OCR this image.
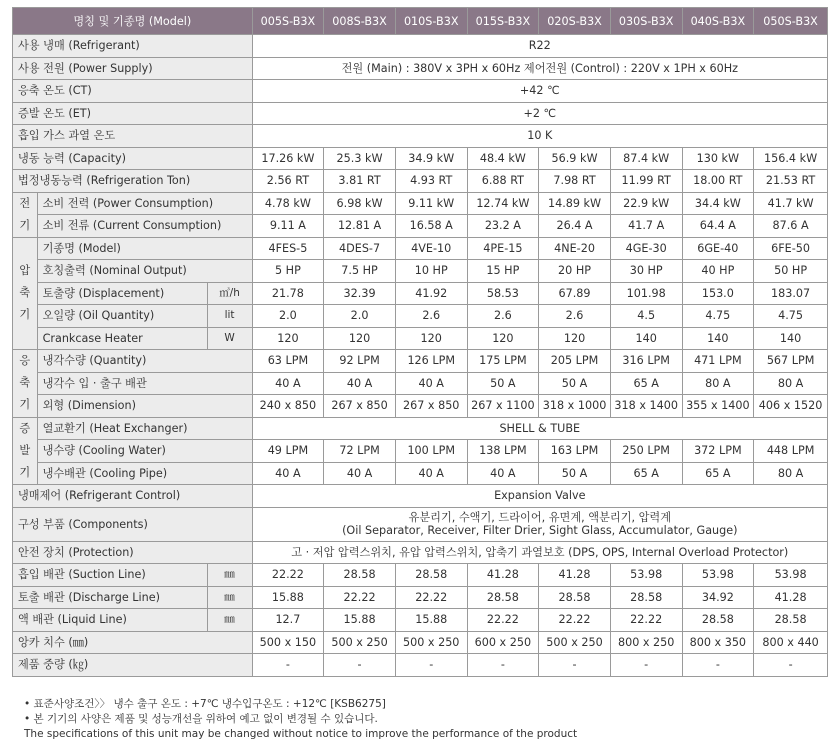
명칭 및 기종명 (Model)			005S-B3X	008S-B3X	010S-B3X	015S-B3X	020S-B3X	030S-B3X	040S-B3X	050S-B3X
사용 냉매 (Refrigerant)			R22							
사용 전원 (Power Supply)			전원 (Main) : 380V x 3PH x 60Hz 제어전원 (Control) : 220V x 1PH x 60Hz							
응축 온도 (CT)			+42 ℃							
증발 온도 (ET)			+2 ℃							
흡입 가스 과열 온도			10 K							
냉동 능력 (Capacity)			17.26 kW	25.3 kW	34.9 kW	48.4 kW	56.9 kW	87.4 kW	130 kW	156.4 kW
법정냉동능력 (Refrigeration Ton)			2.56 RT	3.81 RT	4.93 RT	6.88 RT	7.98 RT	11.99 RT	18.00 RT	21.53 RT
전 기	소비 전력 (Power Consumption)		4.78 kW	6.98 kW	9.11 kW	12.74 kW	14.89 kW	22.9 kW	34.4 kW	41.7 kW
	소비 전류 (Current Consumption)		9.11 A	12.81 A	16.58 A	23.2 A	26.4 A	41.7 A	64.4 A	87.6 A
압 축 기	기종명 (Model)		4FES-5	4DES-7	4VE-10	4PE-15	4NE-20	4GE-30	6GE-40	6FE-50
	호칭출력 (Nominal Output)		5 HP	7.5 HP	10 HP	15 HP	20 HP	30 HP	40 HP	50 HP
	토출량 (Displacement)	㎥/h	21.78	32.39	41.92	58.53	67.89	101.98	153.0	183.07
	오일량 (Oil Quantity)	lit	2.0	2.0	2.6	2.6	2.6	4.5	4.75	4.75
	Crankcase Heater	W	120	120	120	120	120	140	140	140
응 축 기	냉각수량 (Quantity)		63 LPM	92 LPM	126 LPM	175 LPM	205 LPM	316 LPM	471 LPM	567 LPM
	냉각수 입 · 출구 배관		40 A	40 A	40 A	50 A	50 A	65 A	80 A	80 A
	외형 (Dimension)		240 x 850	267 x 850	267 x 850	267 x 1100	318 x 1000	318 x 1400	355 x 1400	406 x 1520
증 발 기	열교환기 (Heat Exchanger)		SHELL & TUBE							
	냉수량 (Cooling Water)		49 LPM	72 LPM	100 LPM	138 LPM	163 LPM	250 LPM	372 LPM	448 LPM
	냉수배관 (Cooling Pipe)		40 A	40 A	40 A	40 A	50 A	65 A	65 A	80 A
냉매제어 (Refrigerant Control)			Expansion Valve							
구성 부품 (Components)			유분리기, 수액기, 드라이어, 유면계, 액분리기, 압력계
(Oil Separator, Receiver, Filter Drier, Sight Glass, Accumulator, Gauge)							

안전 장치 (Protection)			고 · 저압 압력스위치, 유압 압력스위치, 압축기 과열보호 (DPS, OPS, Internal Overload Protector)							
흡입 배관 (Suction Line)		㎜	22.22	28.58	28.58	41.28	41.28	53.98	53.98	53.98
토출 배관 (Discharge Line)		㎜	15.88	22.22	22.22	28.58	28.58	28.58	34.92	41.28
액 배관 (Liquid Line)		㎜	12.7	15.88	15.88	22.22	22.22	22.22	28.58	28.58
앙카 치수 (㎜)			500 x 150	500 x 250	500 x 250	600 x 250	500 x 250	800 x 250	800 x 350	800 x 440
제품 중량 (㎏)			-	-	-	-	-	-	-	-
• 표준사양조건〉〉 냉수 출구 온도 : +7℃ 냉수입구온도 : +12℃ [KSB6275]
• 본 기기의 사양은 제품 및 성능개선을 위하여 예고 없이 변경될 수 있습니다.
The specifications of this unit may be changed without notice to improve the performance of the product
